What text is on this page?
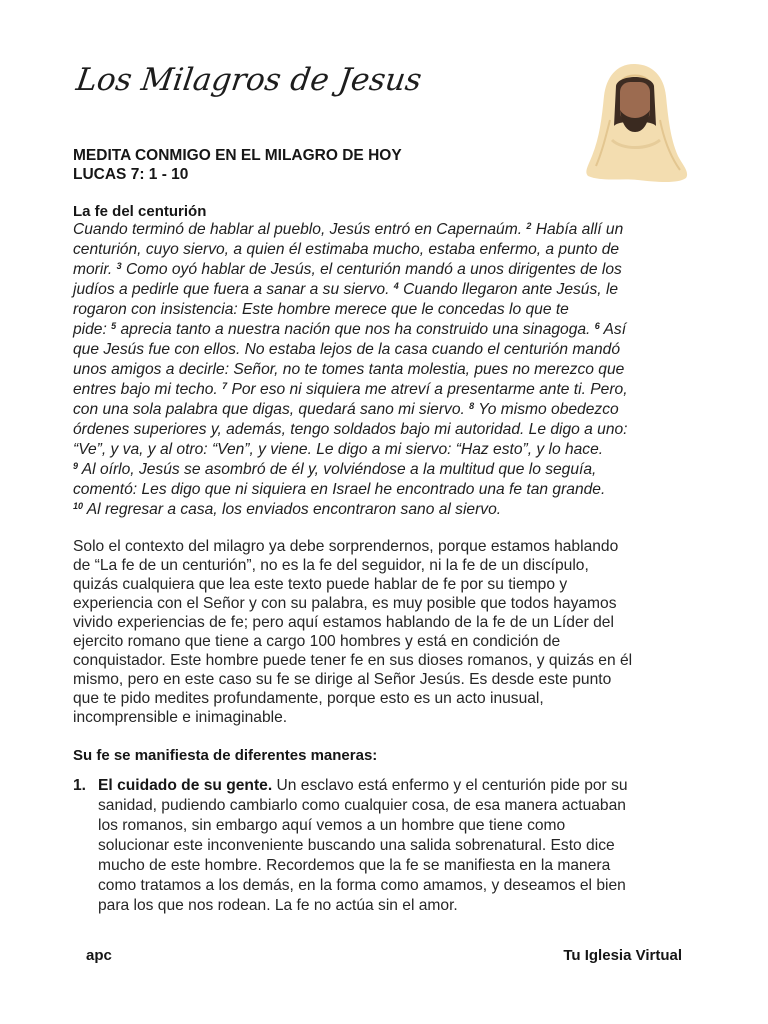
Los Milagros de Jesus
MEDITA CONMIGO EN EL MILAGRO DE HOY
LUCAS 7: 1 - 10
La fe del centurión
Cuando terminó de hablar al pueblo, Jesús entró en Capernaúm. $^2$ Había allí un
centurión, cuyo siervo, a quien él estimaba mucho, estaba enfermo, a punto de
morir. $^3$ Como oyó hablar de Jesús, el centurión mandó a unos dirigentes de los
judíos a pedirle que fuera a sanar a su siervo. $^4$ Cuando llegaron ante Jesús, le
rogaron con insistencia: Este hombre merece que le concedas lo que te
pide: $^5$ aprecia tanto a nuestra nación que nos ha construido una sinagoga. $^6$ Así
que Jesús fue con ellos. No estaba lejos de la casa cuando el centurión mandó
unos amigos a decirle: Señor, no te tomes tanta molestia, pues no merezco que
entres bajo mi techo. $^7$ Por eso ni siquiera me atreví a presentarme ante ti. Pero,
con una sola palabra que digas, quedará sano mi siervo. $^8$ Yo mismo obedezco
órdenes superiores y, además, tengo soldados bajo mi autoridad. Le digo a uno:
“Ve”, y va, y al otro: “Ven”, y viene. Le digo a mi siervo: “Haz esto”, y lo hace.
$^9$ Al oírlo, Jesús se asombró de él y, volviéndose a la multitud que lo seguía,
comentó: Les digo que ni siquiera en Israel he encontrado una fe tan grande.
$^{10}$ Al regresar a casa, los enviados encontraron sano al siervo.
Solo el contexto del milagro ya debe sorprendernos, porque estamos hablando
de “La fe de un centurión”, no es la fe del seguidor, ni la fe de un discípulo,
quizás cualquiera que lea este texto puede hablar de fe por su tiempo y
experiencia con el Señor y con su palabra, es muy posible que todos hayamos
vivido experiencias de fe; pero aquí estamos hablando de la fe de un Líder del
ejercito romano que tiene a cargo 100 hombres y está en condición de
conquistador. Este hombre puede tener fe en sus dioses romanos, y quizás en él
mismo, pero en este caso su fe se dirige al Señor Jesús. Es desde este punto
que te pido medites profundamente, porque esto es un acto inusual,
incomprensible e inimaginable.
Su fe se manifiesta de diferentes maneras:
1. El cuidado de su gente. Un esclavo está enfermo y el centurión pide por su
sanidad, pudiendo cambiarlo como cualquier cosa, de esa manera actuaban
los romanos, sin embargo aquí vemos a un hombre que tiene como
solucionar este inconveniente buscando una salida sobrenatural. Esto dice
mucho de este hombre. Recordemos que la fe se manifiesta en la manera
como tratamos a los demás, en la forma como amamos, y deseamos el bien
para los que nos rodean. La fe no actúa sin el amor.
apc	Tu Iglesia Virtual
